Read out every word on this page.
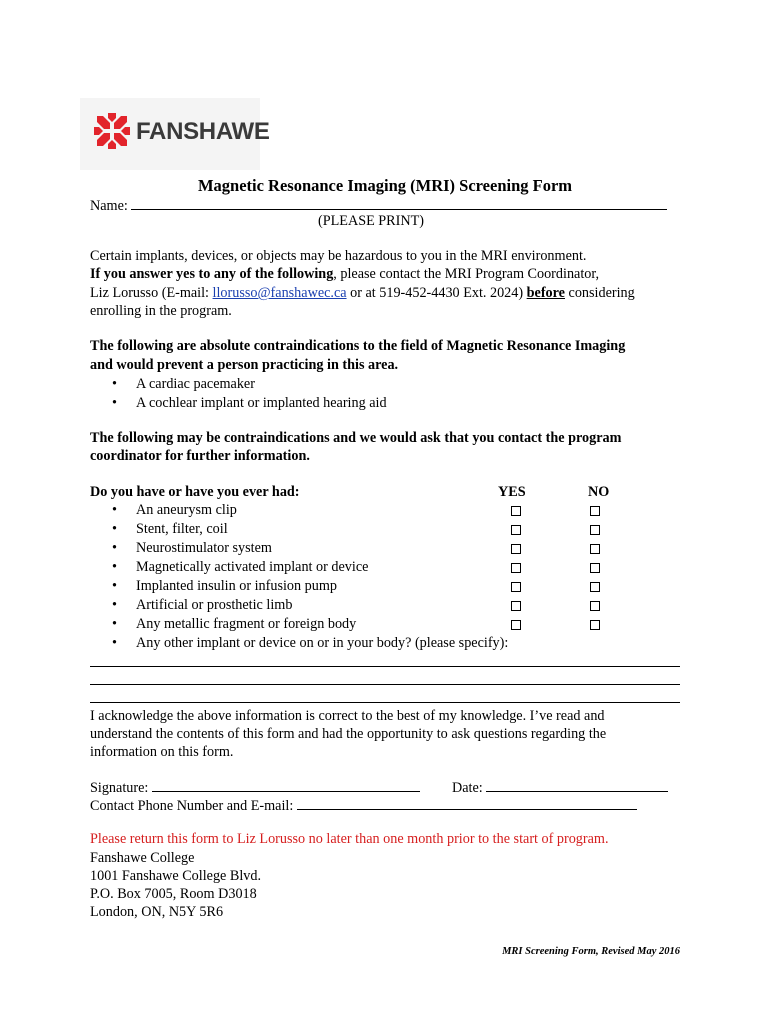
FANSHAWE
Magnetic Resonance Imaging (MRI) Screening Form
Name:
(PLEASE PRINT)
Certain implants, devices, or objects may be hazardous to you in the MRI environment.
If you answer yes to any of the following, please contact the MRI Program Coordinator,
Liz Lorusso (E-mail: llorusso@fanshawec.ca or at 519-452-4430 Ext. 2024) before considering
enrolling in the program.
The following are absolute contraindications to the field of Magnetic Resonance Imaging
and would prevent a person practicing in this area.
• A cardiac pacemaker
• A cochlear implant or implanted hearing aid
The following may be contraindications and we would ask that you contact the program
coordinator for further information.
Do you have or have you ever had:	YES	NO
• An aneurysm clip
• Stent, filter, coil
• Neurostimulator system
• Magnetically activated implant or device
• Implanted insulin or infusion pump
• Artificial or prosthetic limb
• Any metallic fragment or foreign body
• Any other implant or device on or in your body? (please specify):
I acknowledge the above information is correct to the best of my knowledge. I’ve read and
understand the contents of this form and had the opportunity to ask questions regarding the
information on this form.
Signature:	Date:
Contact Phone Number and E-mail:
Please return this form to Liz Lorusso no later than one month prior to the start of program.
Fanshawe College
1001 Fanshawe College Blvd.
P.O. Box 7005, Room D3018
London, ON, N5Y 5R6
MRI Screening Form, Revised May 2016
